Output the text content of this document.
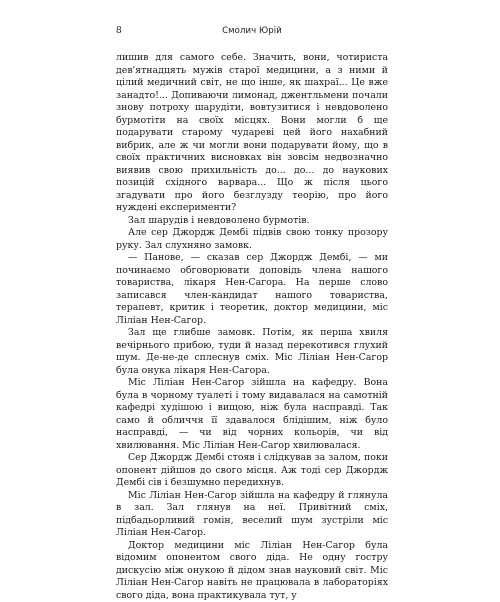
8	Смолич Юрій

лишив для самого себе. Значить, вони, чотириста дев'ятнадцять мужів старої медицини, а з ними й цілий медичний світ, не що інше, як шахраї... Це вже занадто!... Допиваючи лимонад, джентльмени почали знову потроху шарудіти, вовтузитися і невдоволено бурмотіти на своїх місцях. Вони могли б ще подарувати старому чудареві цей його нахабний вибрик, але ж чи могли вони подарувати йому, що в своїх практичних висновках він зовсім недвозначно виявив свою прихильність до... до... до наукових позицій східного варвара... Що ж після цього згадувати про його безглузду теорію, про його нуждені експерименти?

Зал шарудів і невдоволено бурмотів.

Але сер Джордж Дембі підвів свою тонку прозору руку. Зал слухняно замовк.

— Панове, — сказав сер Джордж Дембі, — ми починаємо обговорювати доповідь члена нашого товариства, лікаря Нен-Сагора. На перше слово записався член-кандидат нашого товариства, терапевт, критик і теоретик, доктор медицини, міс Ліліан Нен-Сагор.

Зал ще глибше замовк. Потім, як перша хвиля вечірнього прибою, туди й назад перекотився глухий шум. Де-не-де сплеснув сміх. Міс Ліліан Нен-Сагор була онука лікаря Нен-Сагора.

Міс Ліліан Нен-Сагор зійшла на кафедру. Вона була в чорному туалеті і тому видавалася на самотній кафедрі худішою і вищою, ніж була насправді. Так само й обличчя її здавалося блідішим, ніж було насправді, — чи від чорних кольорів, чи від хвилювання. Міс Ліліан Нен-Сагор хвилювалася.

Сер Джордж Дембі стояв і слідкував за залом, поки опонент дійшов до свого місця. Аж тоді сер Джордж Дембі сів і безшумно передихнув.

Міс Ліліан Нен-Сагор зійшла на кафедру й глянула в зал. Зал глянув на неї. Привітний сміх, підбадьорливий гомін, веселий шум зустріли міс Ліліан Нен-Сагор.

Доктор медицини міс Ліліан Нен-Сагор була відомим опонентом свого діда. Не одну гостру дискусію між онукою й дідом знав науковий світ. Міс Ліліан Нен-Сагор навіть не працювала в лабораторіях свого діда, вона практикувала тут, у
